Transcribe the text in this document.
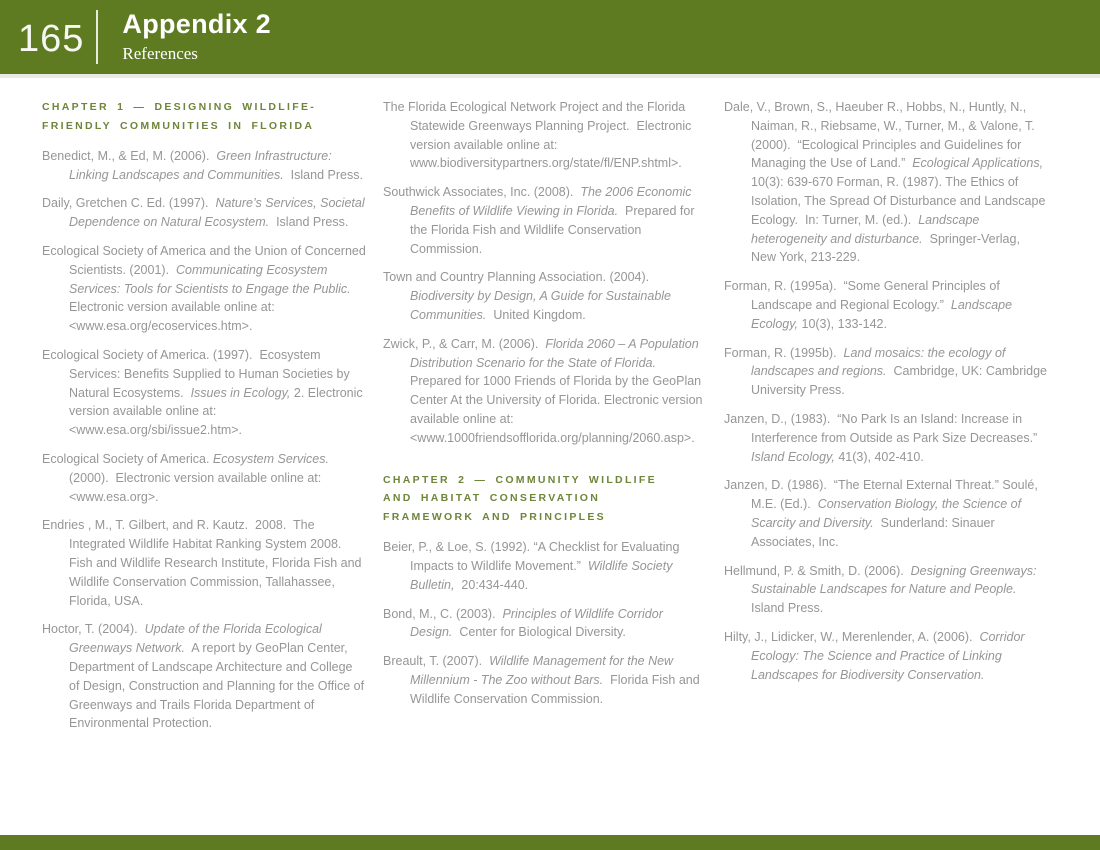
165 Appendix 2
References
CHAPTER 1 — DESIGNING WILDLIFE-
FRIENDLY COMMUNITIES IN FLORIDA

Benedict, M., & Ed, M. (2006).  Green Infrastructure: Linking Landscapes and Communities.  Island Press.

Daily, Gretchen C. Ed. (1997).  Nature’s Services, Societal Dependence on Natural Ecosystem.  Island Press.

Ecological Society of America and the Union of Concerned Scientists. (2001).  Communicating Ecosystem Services: Tools for Scientists to Engage the Public.  Electronic version available online at: <www.esa.org/ecoservices.htm>.

Ecological Society of America. (1997).  Ecosystem Services: Benefits Supplied to Human Societies by Natural Ecosystems.  Issues in Ecology, 2. Electronic version available online at: <www.esa.org/sbi/issue2.htm>.

Ecological Society of America. Ecosystem Services. (2000).  Electronic version available online at: <www.esa.org>.

Endries , M., T. Gilbert, and R. Kautz.  2008.  The Integrated Wildlife Habitat Ranking System 2008. Fish and Wildlife Research Institute, Florida Fish and Wildlife Conservation Commission, Tallahassee, Florida, USA.

Hoctor, T. (2004).  Update of the Florida Ecological Greenways Network.  A report by GeoPlan Center, Department of Landscape Architecture and College of Design, Construction and Planning for the Office of Greenways and Trails Florida Department of Environmental Protection.

The Florida Ecological Network Project and the Florida Statewide Greenways Planning Project.  Electronic version available online at: www.biodiversitypartners.org/state/fl/ENP.shtml>.

Southwick Associates, Inc. (2008).  The 2006 Economic Benefits of Wildlife Viewing in Florida.  Prepared for the Florida Fish and Wildlife Conservation Commission.

Town and Country Planning Association. (2004).  Biodiversity by Design, A Guide for Sustainable Communities.  United Kingdom.

Zwick, P., & Carr, M. (2006).  Florida 2060 – A Population Distribution Scenario for the State of Florida.  Prepared for 1000 Friends of Florida by the GeoPlan Center At the University of Florida. Electronic version available online at: <www.1000friendsofflorida.org/planning/2060.asp>.

CHAPTER 2 — COMMUNITY WILDLIFE
AND HABITAT CONSERVATION
FRAMEWORK AND PRINCIPLES

Beier, P., & Loe, S. (1992). “A Checklist for Evaluating Impacts to Wildlife Movement.”  Wildlife Society Bulletin,  20:434-440.

Bond, M., C. (2003).  Principles of Wildlife Corridor Design.  Center for Biological Diversity.

Breault, T. (2007).  Wildlife Management for the New Millennium - The Zoo without Bars.  Florida Fish and Wildlife Conservation Commission.

Dale, V., Brown, S., Haeuber R., Hobbs, N., Huntly, N., Naiman, R., Riebsame, W., Turner, M., & Valone, T. (2000).  “Ecological Principles and Guidelines for Managing the Use of Land.”  Ecological Applications, 10(3): 639-670 Forman, R. (1987). The Ethics of Isolation, The Spread Of Disturbance and Landscape Ecology.  In: Turner, M. (ed.).  Landscape heterogeneity and disturbance.  Springer-Verlag, New York, 213-229.

Forman, R. (1995a).  “Some General Principles of Landscape and Regional Ecology.”  Landscape Ecology, 10(3), 133-142.

Forman, R. (1995b).  Land mosaics: the ecology of landscapes and regions.  Cambridge, UK: Cambridge University Press.

Janzen, D., (1983).  “No Park Is an Island: Increase in Interference from Outside as Park Size Decreases.”  Island Ecology, 41(3), 402-410.

Janzen, D. (1986).  “The Eternal External Threat.” Soulé, M.E. (Ed.).  Conservation Biology, the Science of Scarcity and Diversity.  Sunderland: Sinauer Associates, Inc.

Hellmund, P. & Smith, D. (2006).  Designing Greenways: Sustainable Landscapes for Nature and People.  Island Press.

Hilty, J., Lidicker, W., Merenlender, A. (2006).  Corridor Ecology: The Science and Practice of Linking Landscapes for Biodiversity Conservation.
